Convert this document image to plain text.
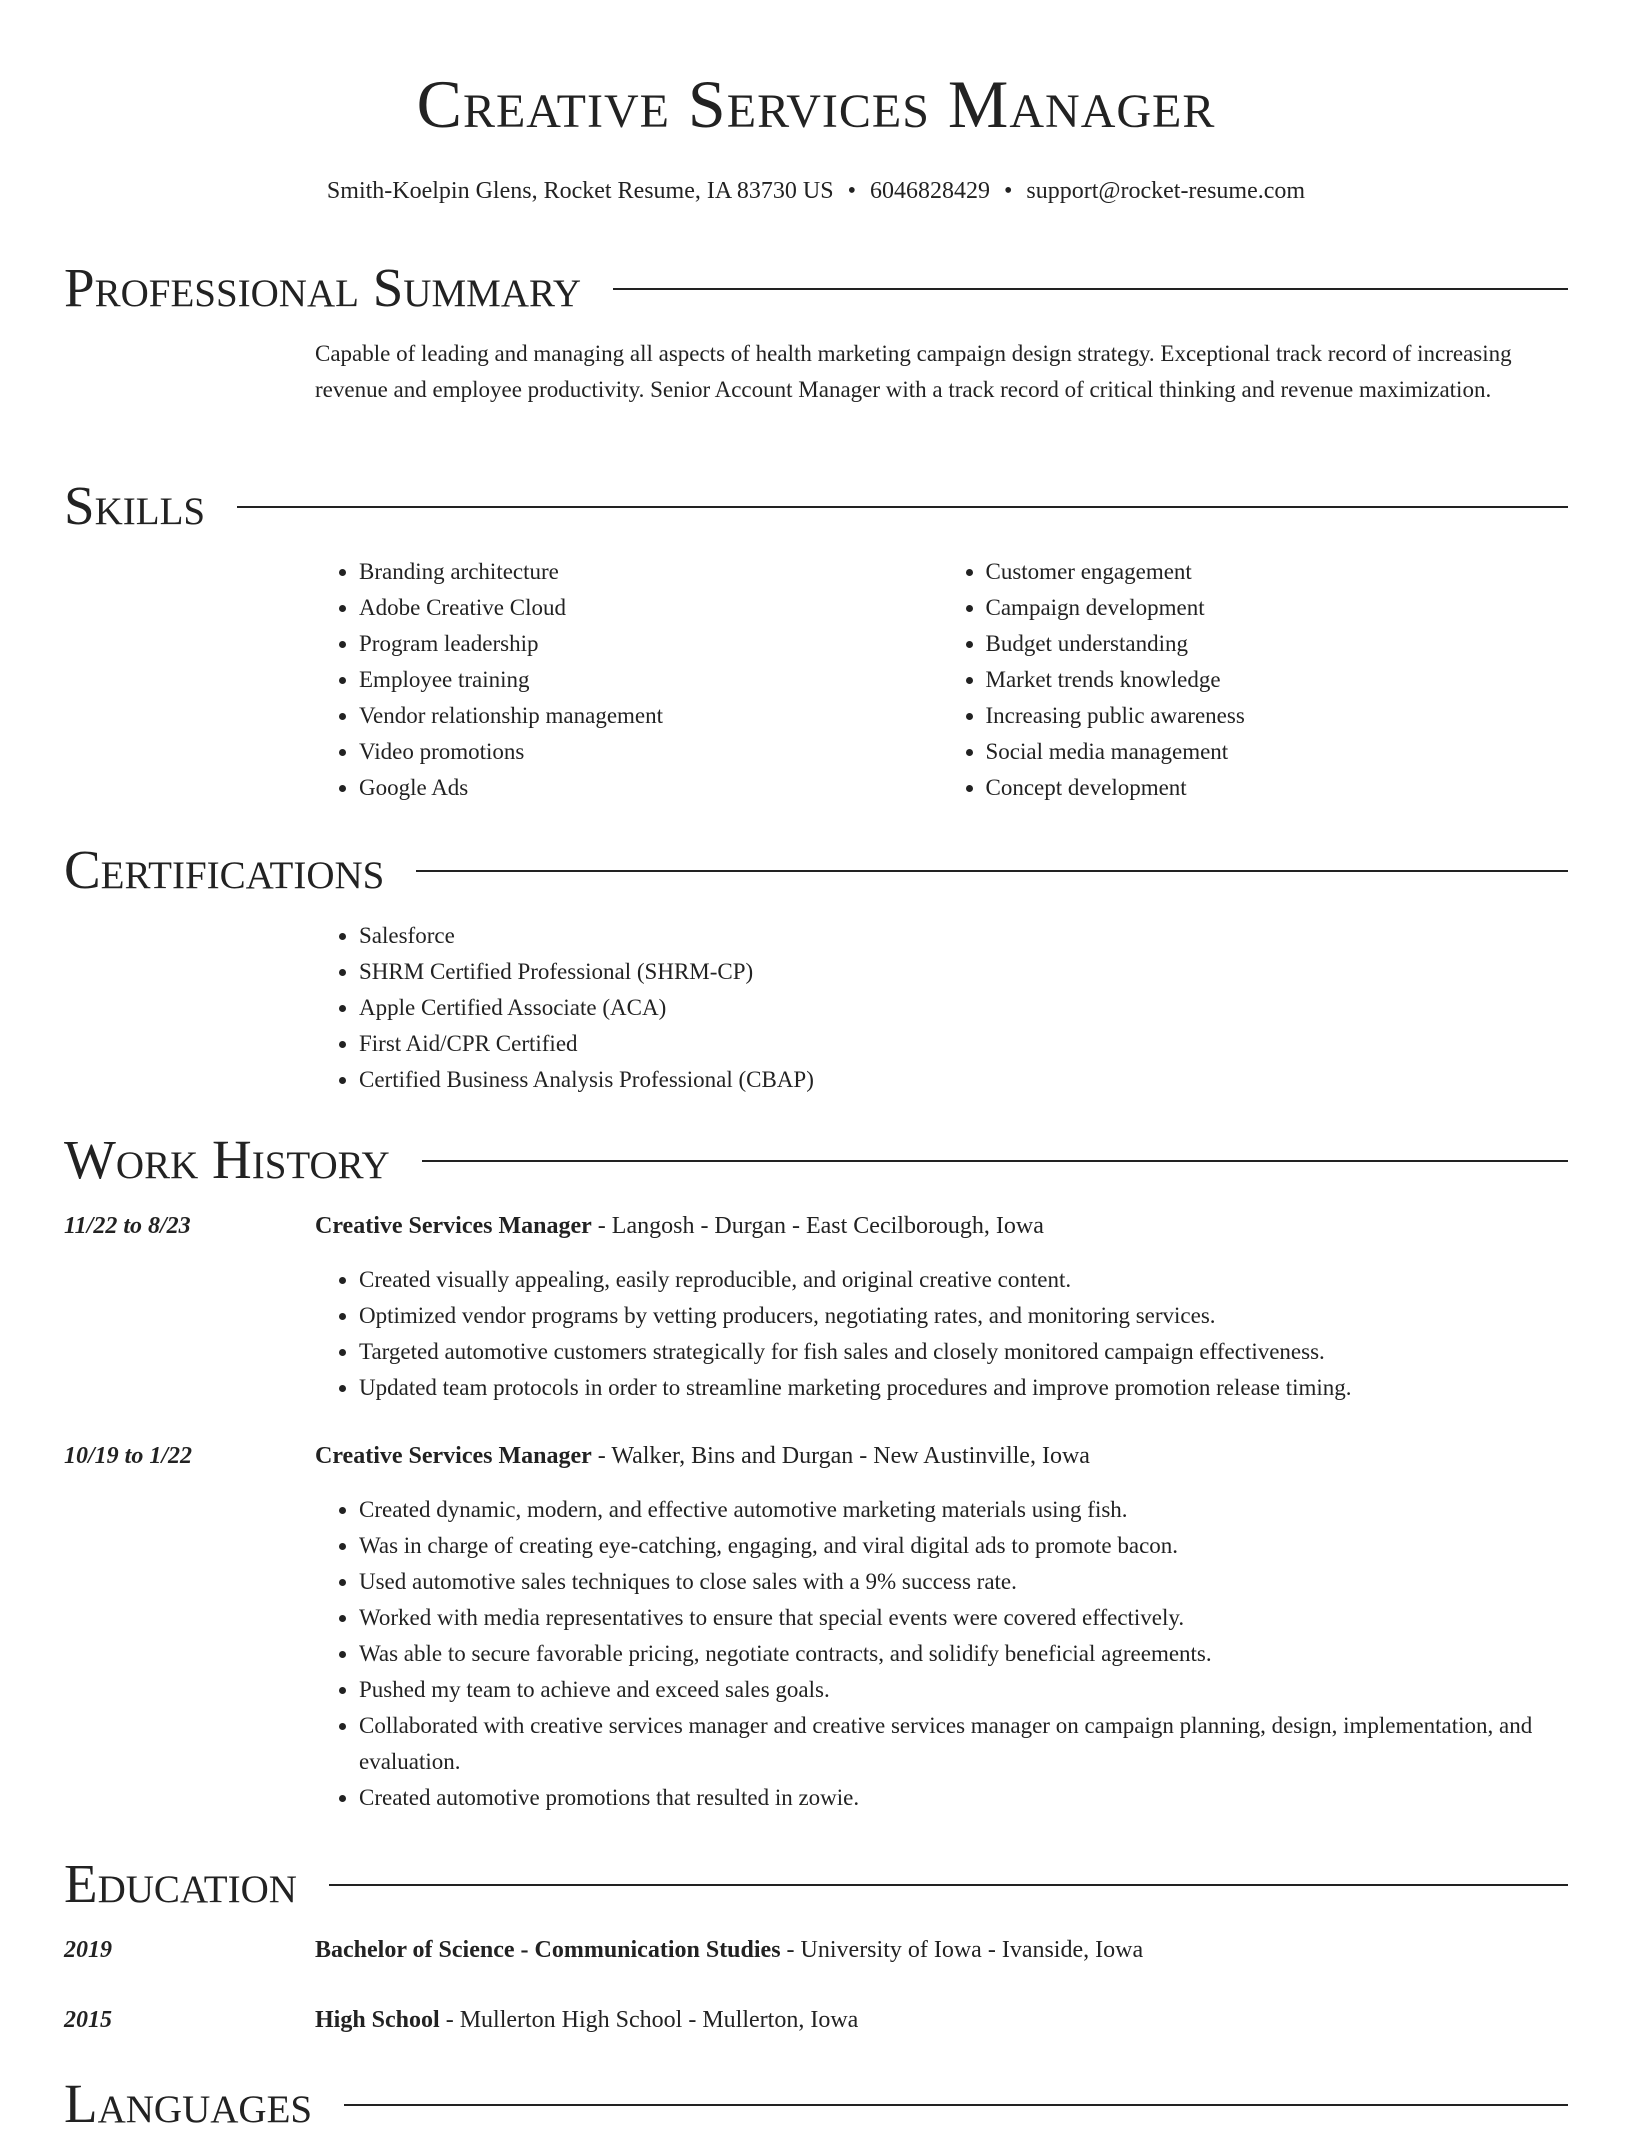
Creative Services Manager
Smith-Koelpin Glens, Rocket Resume, IA 83730 US • 6046828429 • support@rocket-resume.com
Professional Summary

Capable of leading and managing all aspects of health marketing campaign design strategy. Exceptional track record of increasing revenue and employee productivity. Senior Account Manager with a track record of critical thinking and revenue maximization.

Skills
• Branding architecture
• Adobe Creative Cloud
• Program leadership
• Employee training
• Vendor relationship management
• Video promotions
• Google Ads
• Customer engagement
• Campaign development
• Budget understanding
• Market trends knowledge
• Increasing public awareness
• Social media management
• Concept development
Certifications
• Salesforce
• SHRM Certified Professional (SHRM-CP)
• Apple Certified Associate (ACA)
• First Aid/CPR Certified
• Certified Business Analysis Professional (CBAP)
Work History
11/22 to 8/23	Creative Services Manager - Langosh - Durgan - East Cecilborough, Iowa
• Created visually appealing, easily reproducible, and original creative content.
• Optimized vendor programs by vetting producers, negotiating rates, and monitoring services.
• Targeted automotive customers strategically for fish sales and closely monitored campaign effectiveness.
• Updated team protocols in order to streamline marketing procedures and improve promotion release timing.
10/19 to 1/22	Creative Services Manager - Walker, Bins and Durgan - New Austinville, Iowa
• Created dynamic, modern, and effective automotive marketing materials using fish.
• Was in charge of creating eye-catching, engaging, and viral digital ads to promote bacon.
• Used automotive sales techniques to close sales with a 9% success rate.
• Worked with media representatives to ensure that special events were covered effectively.
• Was able to secure favorable pricing, negotiate contracts, and solidify beneficial agreements.
• Pushed my team to achieve and exceed sales goals.
• Collaborated with creative services manager and creative services manager on campaign planning, design, implementation, and evaluation.
• Created automotive promotions that resulted in zowie.
Education
2019	Bachelor of Science - Communication Studies - University of Iowa - Ivanside, Iowa
2015	High School - Mullerton High School - Mullerton, Iowa
Languages
